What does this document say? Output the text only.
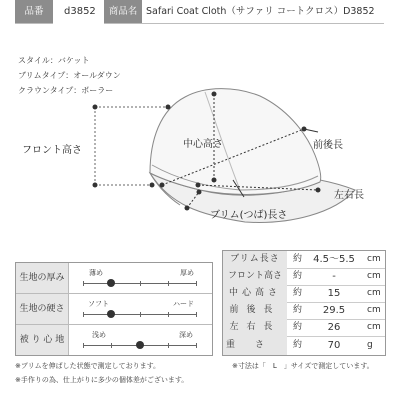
品番	d3852	商品名 Safari Coat Cloth（サファリ コートクロス）D3852
スタイル：バケット
ブリムタイプ：オールダウン
クラウンタイプ：ボーラー
フロント高さ
中心高さ	前後長
左右長
ブリム(つば)長さ
生地の厚み	薄め	厚め
生地の硬さ	ソフト	ハード
被 り 心 地	浅め	深め
ブリム長さ	約	4.5～5.5	cm
フロント高さ	約	-	cm
中心高さ	約	15	cm
前後長	約	29.5	cm
左右長	約	26	cm
重さ	約	70	g
※ブリムを伸ばした状態で測定しております。
※手作りの為、仕上がりに多少の個体差がございます。
※寸法は「　L　」サイズで測定しています。
